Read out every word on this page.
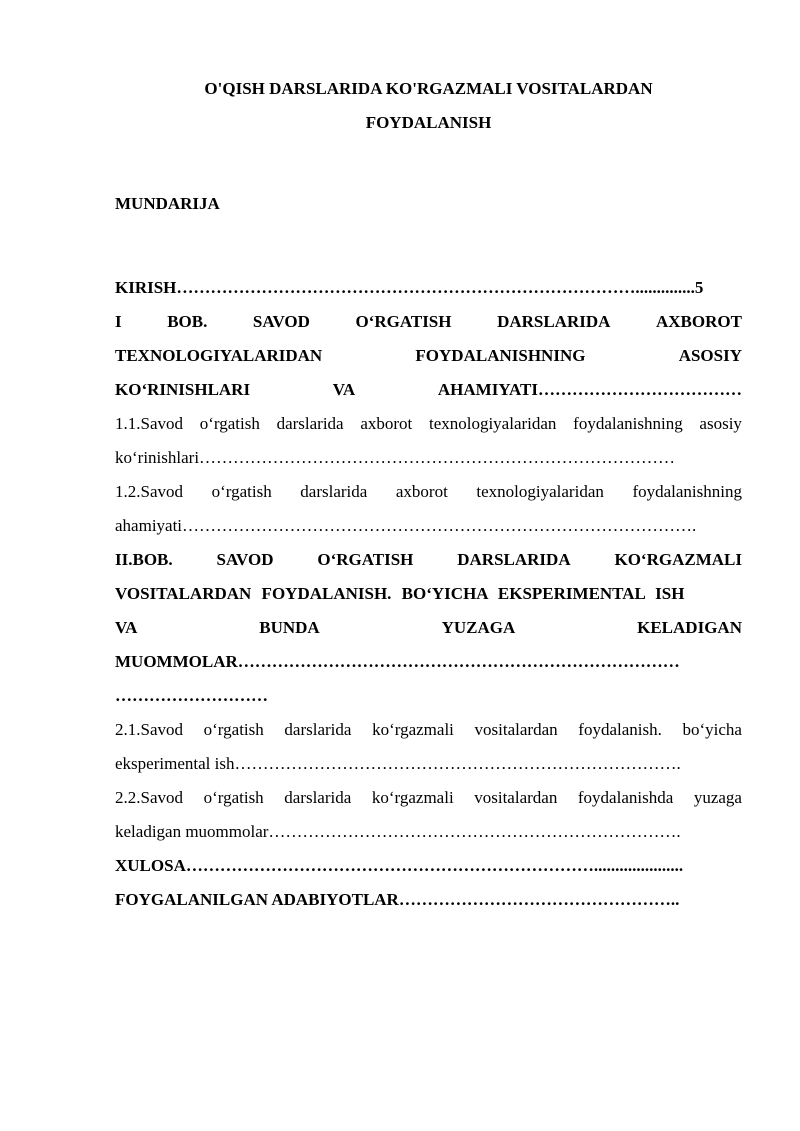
O'QISH DARSLARIDA KO'RGAZMALI VOSITALARDAN
FOYDALANISH
MUNDARIJA
KIRISH………………………………………………………………………..............5
I	BOB.	SAVOD	O‘RGATISH	DARSLARIDA	AXBOROT
TEXNOLOGIYALARIDAN	FOYDALANISHNING	ASOSIY
KO‘RINISHLARI	VA	AHAMIYATI………………………………
1.1.Savod o‘rgatish darslarida axborot texnologiyalaridan foydalanishning asosiy
ko‘rinishlari…………………………………………………………………………
1.2.Savod o‘rgatish darslarida axborot texnologiyalaridan foydalanishning
ahamiyati……………………………………………………………………………….
II.BOB.	SAVOD	O‘RGATISH	DARSLARIDA	KO‘RGAZMALI
VOSITALARDAN FOYDALANISH. BO‘YICHA EKSPERIMENTAL ISH
VA	BUNDA	YUZAGA	KELADIGAN
MUOMMOLAR……………………………………………………………………
………………………
2.1.Savod o‘rgatish darslarida ko‘rgazmali vositalardan foydalanish. bo‘yicha
eksperimental ish…………………………………………………………………….
2.2.Savod o‘rgatish darslarida ko‘rgazmali vositalardan foydalanishda yuzaga
keladigan muommolar……………………………………………………………….
XULOSA……………………………………………………………….....................
FOYGALANILGAN ADABIYOTLAR…………………………………………..
